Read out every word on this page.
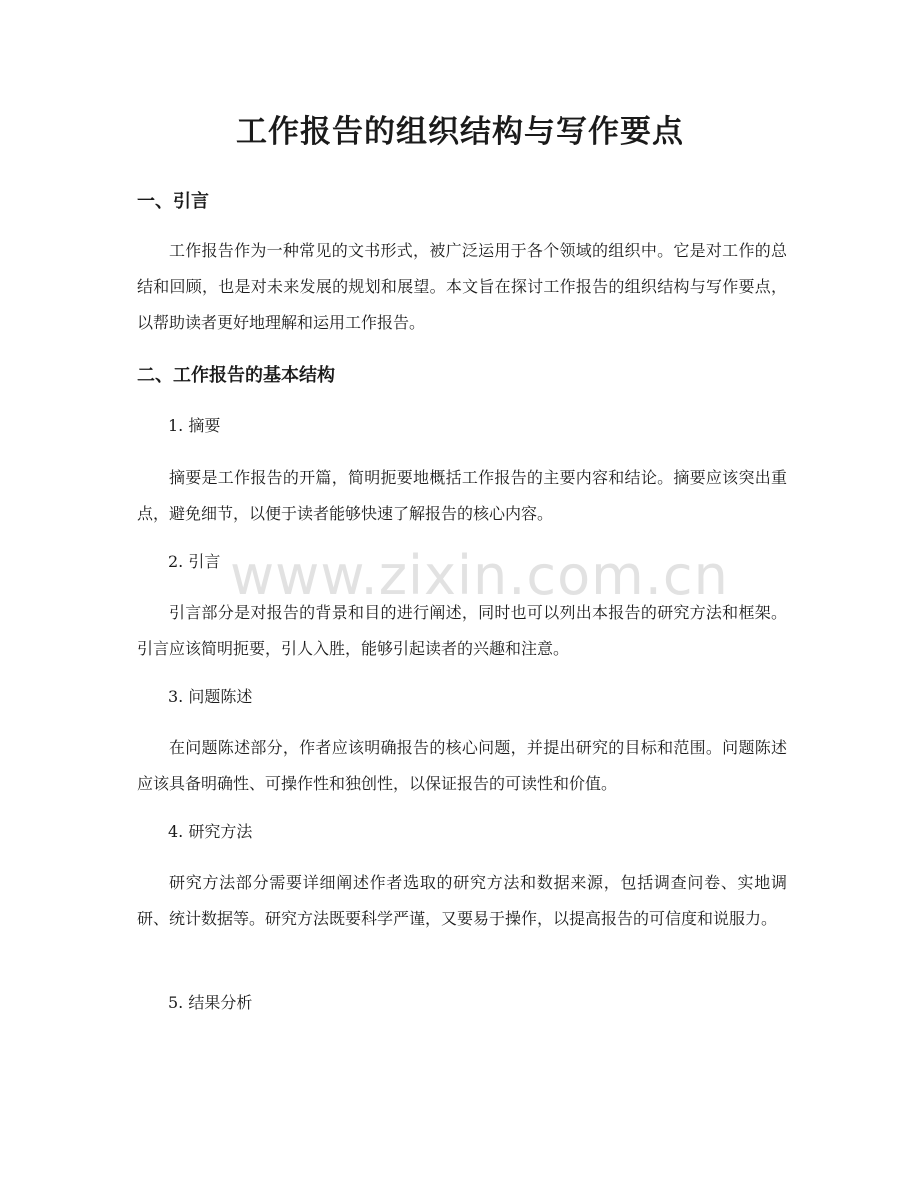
工作报告的组织结构与写作要点
一、引言
工作报告作为一种常见的文书形式，被广泛运用于各个领域的组织中。它是对工作的总结和回顾，也是对未来发展的规划和展望。本文旨在探讨工作报告的组织结构与写作要点，以帮助读者更好地理解和运用工作报告。
二、工作报告的基本结构
1. 摘要
摘要是工作报告的开篇，简明扼要地概括工作报告的主要内容和结论。摘要应该突出重点，避免细节，以便于读者能够快速了解报告的核心内容。
2. 引言
引言部分是对报告的背景和目的进行阐述，同时也可以列出本报告的研究方法和框架。引言应该简明扼要，引人入胜，能够引起读者的兴趣和注意。
3. 问题陈述
在问题陈述部分，作者应该明确报告的核心问题，并提出研究的目标和范围。问题陈述应该具备明确性、可操作性和独创性，以保证报告的可读性和价值。
4. 研究方法
研究方法部分需要详细阐述作者选取的研究方法和数据来源，包括调查问卷、实地调研、统计数据等。研究方法既要科学严谨，又要易于操作，以提高报告的可信度和说服力。
5. 结果分析
www.zixin.com.cn
